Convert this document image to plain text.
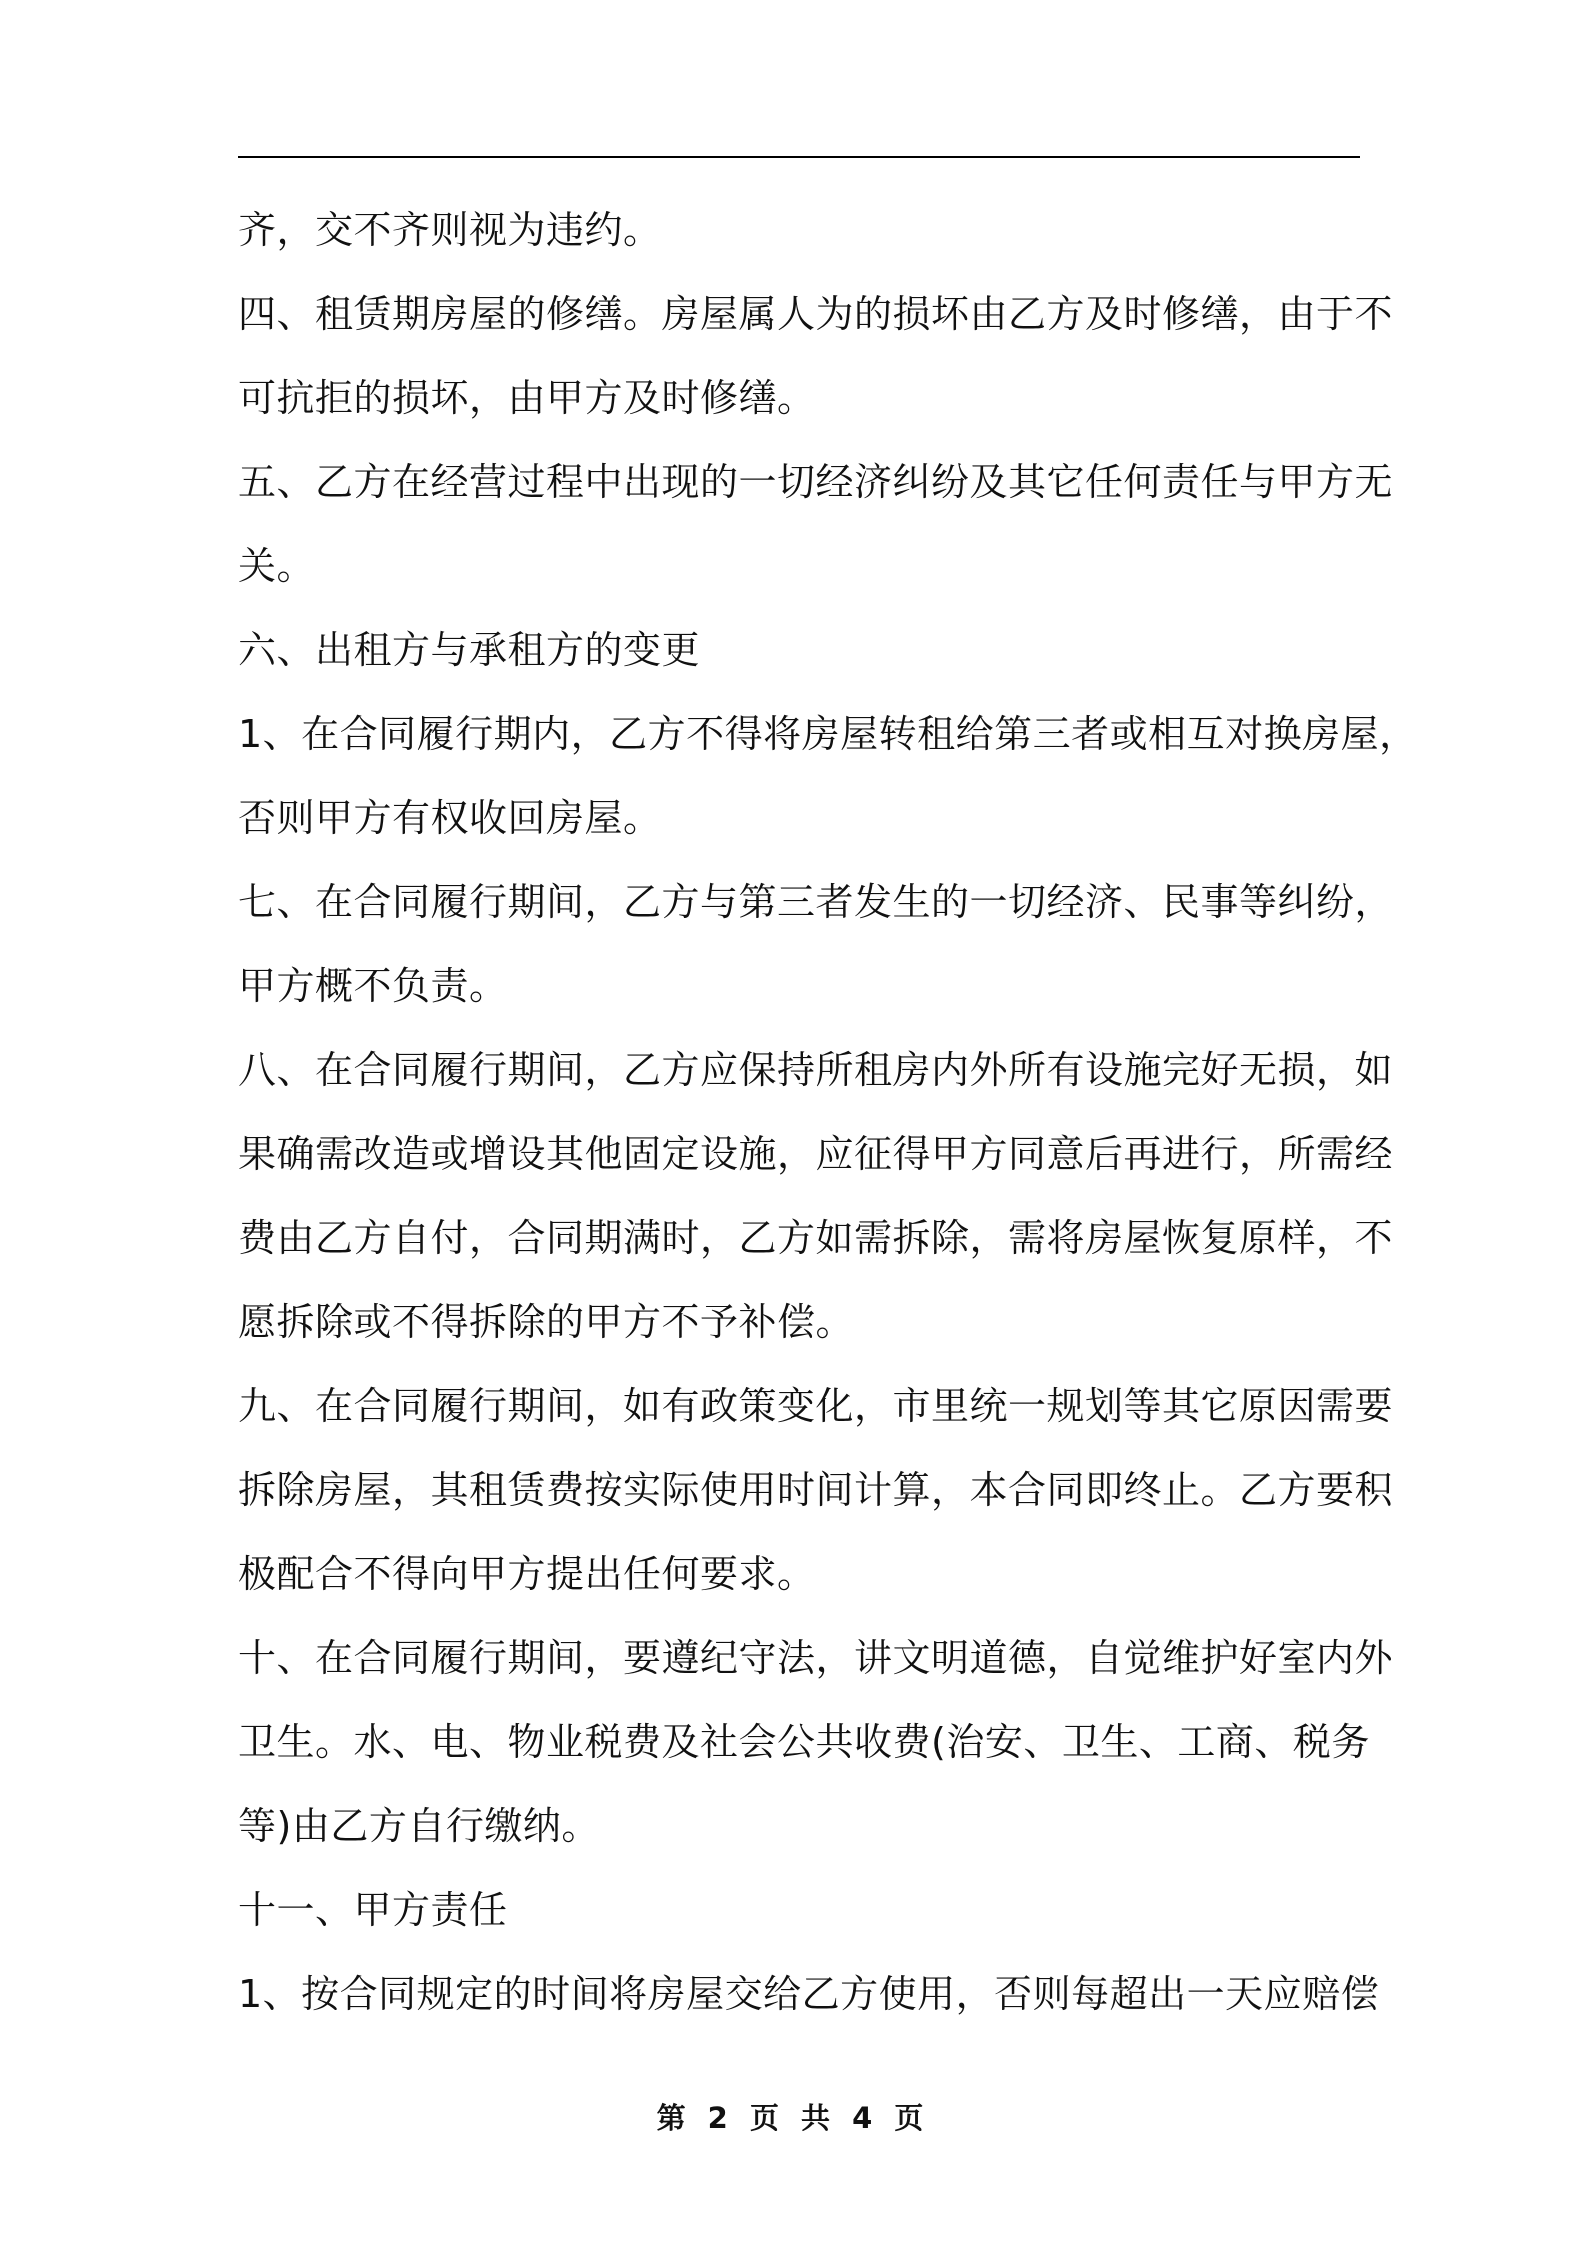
齐，交不齐则视为违约。
四、租赁期房屋的修缮。房屋属人为的损坏由乙方及时修缮，由于不
可抗拒的损坏，由甲方及时修缮。
五、乙方在经营过程中出现的一切经济纠纷及其它任何责任与甲方无
关。
六、出租方与承租方的变更
1、在合同履行期内，乙方不得将房屋转租给第三者或相互对换房屋，
否则甲方有权收回房屋。
七、在合同履行期间，乙方与第三者发生的一切经济、民事等纠纷，
甲方概不负责。
八、在合同履行期间，乙方应保持所租房内外所有设施完好无损，如
果确需改造或增设其他固定设施，应征得甲方同意后再进行，所需经
费由乙方自付，合同期满时，乙方如需拆除，需将房屋恢复原样，不
愿拆除或不得拆除的甲方不予补偿。
九、在合同履行期间，如有政策变化，市里统一规划等其它原因需要
拆除房屋，其租赁费按实际使用时间计算，本合同即终止。乙方要积
极配合不得向甲方提出任何要求。
十、在合同履行期间，要遵纪守法，讲文明道德，自觉维护好室内外
卫生。水、电、物业税费及社会公共收费(治安、卫生、工商、税务
等)由乙方自行缴纳。
十一、甲方责任
1、按合同规定的时间将房屋交给乙方使用，否则每超出一天应赔偿
第 2 页 共 4 页
